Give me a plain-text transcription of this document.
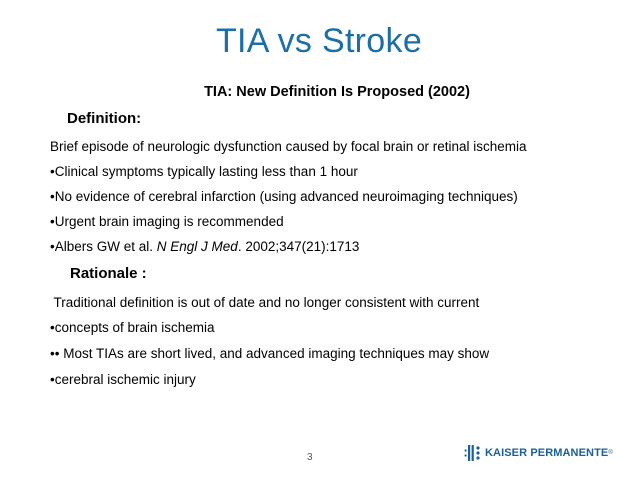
TIA vs Stroke
TIA: New Definition Is Proposed (2002)
Definition:
Brief episode of neurologic dysfunction caused by focal brain or retinal ischemia
•Clinical symptoms typically lasting less than 1 hour
•No evidence of cerebral infarction (using advanced neuroimaging techniques)
•Urgent brain imaging is recommended
•Albers GW et al. N Engl J Med. 2002;347(21):1713
Rationale :
Traditional definition is out of date and no longer consistent with current
•concepts of brain ischemia
•• Most TIAs are short lived, and advanced imaging techniques may show
•cerebral ischemic injury
3	KAISER PERMANENTE ®
